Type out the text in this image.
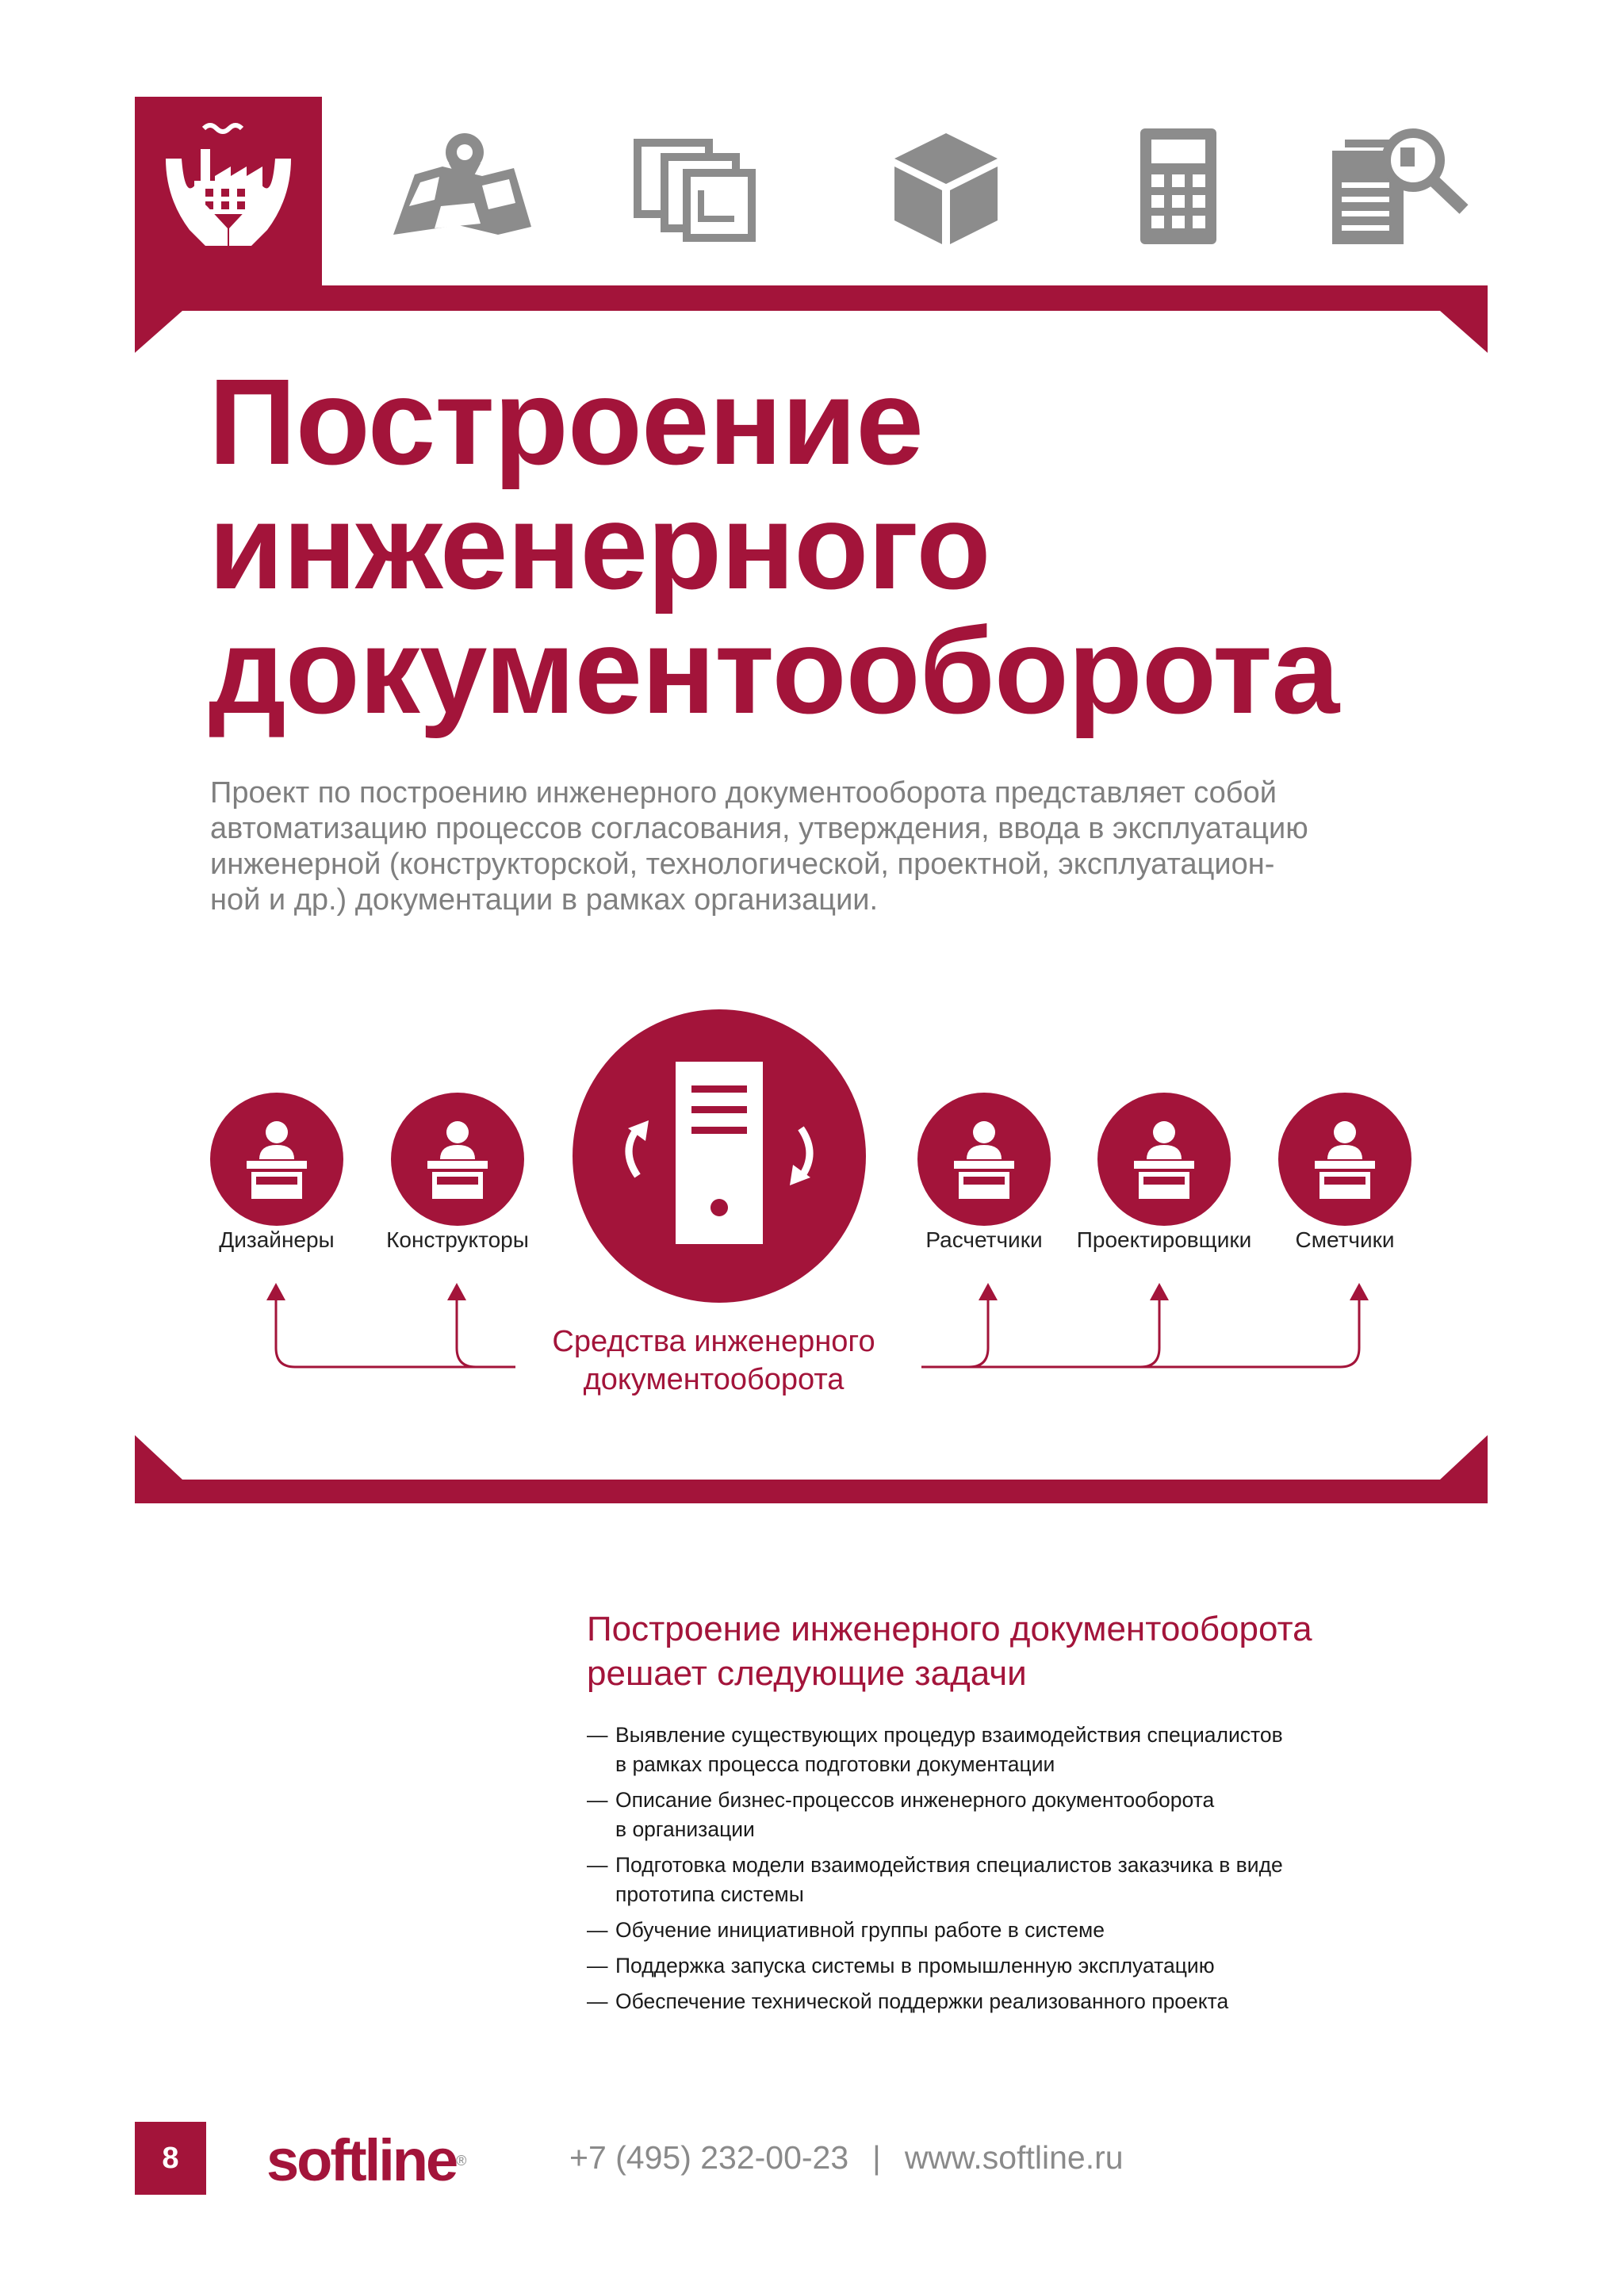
Построение
инженерного
документооборота
Проект по построению инженерного документооборота представляет собой
автоматизацию процессов согласования, утверждения, ввода в эксплуатацию
инженерной (конструкторской, технологической, проектной, эксплуатацион-
ной и др.) документации в рамках организации.
Дизайнеры	Конструкторы	Расчетчики	Проектировщики	Сметчики
Средства инженерного
документооборота
Построение инженерного документооборота
решает следующие задачи
— Выявление существующих процедур взаимодействия специалистов
в рамках процесса подготовки документации
— Описание бизнес-процессов инженерного документооборота
в организации
— Подготовка модели взаимодействия специалистов заказчика в виде
прототипа системы
— Обучение инициативной группы работе в системе
— Поддержка запуска системы в промышленную эксплуатацию
— Обеспечение технической поддержки реализованного проекта
8	softline®	+7 (495) 232-00-23 | www.softline.ru
